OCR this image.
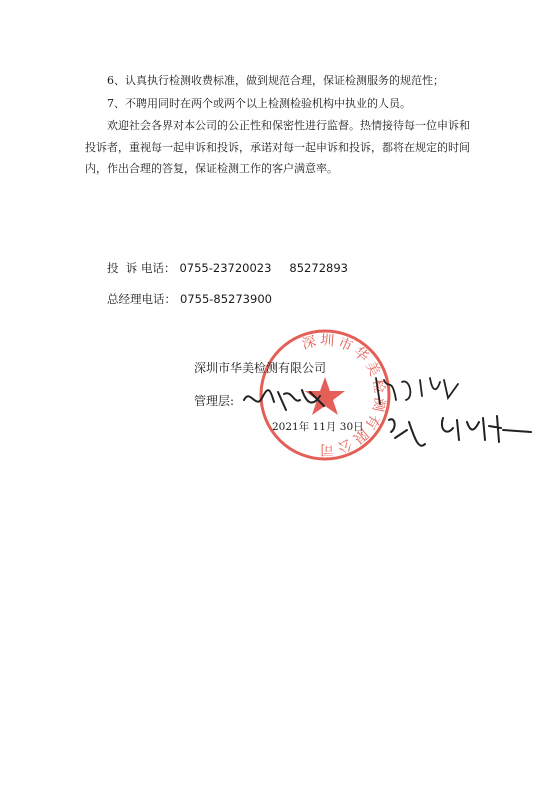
6、认真执行检测收费标准，做到规范合理，保证检测服务的规范性；
7、不聘用同时在两个或两个以上检测检验机构中执业的人员。
欢迎社会各界对本公司的公正性和保密性进行监督。热情接待每一位申诉和
投诉者，重视每一起申诉和投诉，承诺对每一起申诉和投诉，都将在规定的时间
内，作出合理的答复，保证检测工作的客户满意率。
投  诉 电话： 0755-23720023 85272893
总经理电话： 0755-85273900
深圳市华美检测有限公司
深圳市华美检测有限公司
管理层:
2021年 11月 30日
